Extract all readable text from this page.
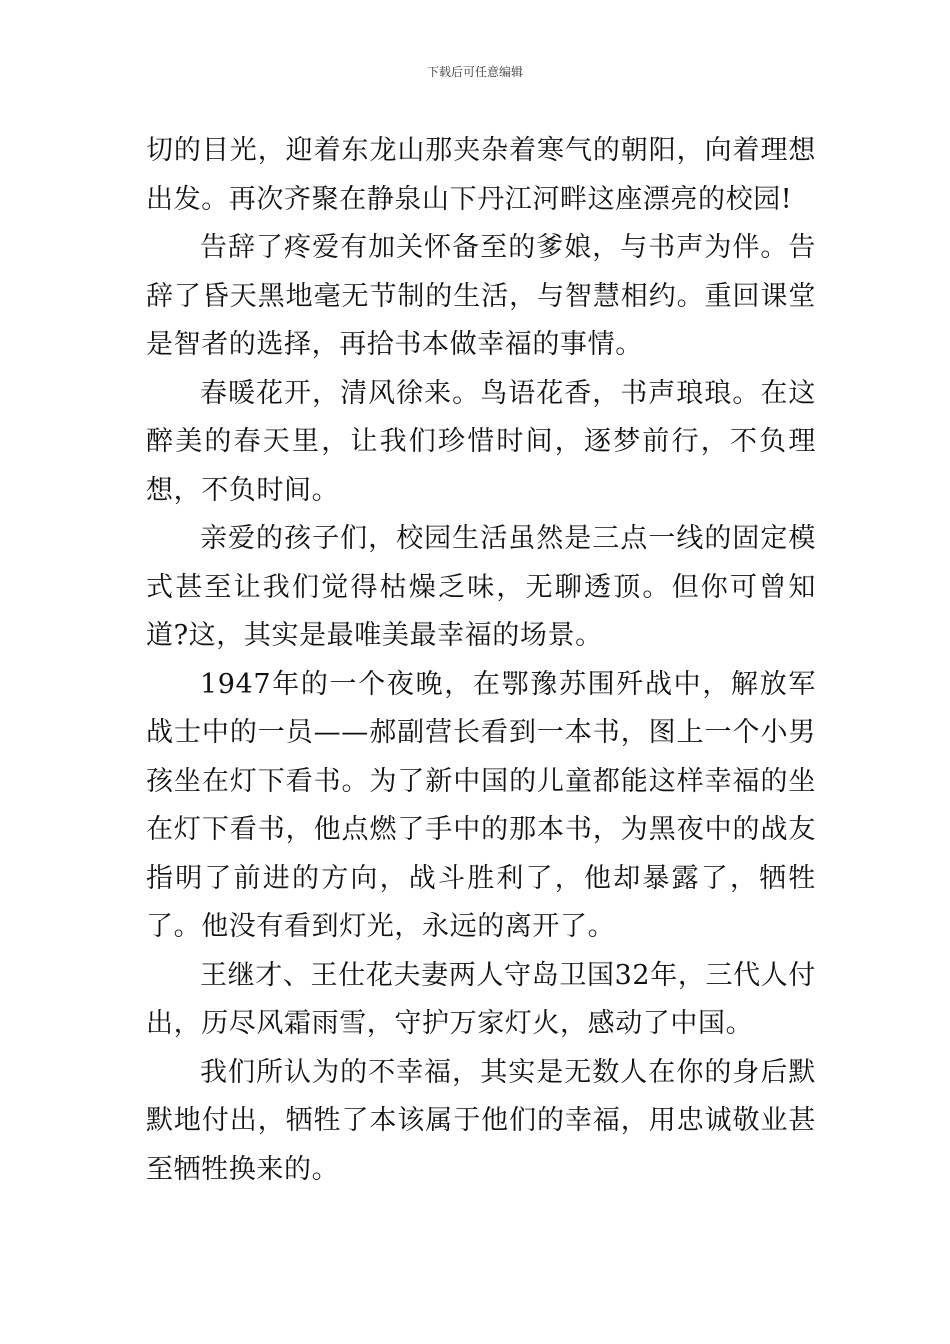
下载后可任意编辑

切的目光，迎着东龙山那夹杂着寒气的朝阳，向着理想出发。再次齐聚在静泉山下丹江河畔这座漂亮的校园!

告辞了疼爱有加关怀备至的爹娘，与书声为伴。告辞了昏天黑地毫无节制的生活，与智慧相约。重回课堂是智者的选择，再拾书本做幸福的事情。

春暖花开，清风徐来。鸟语花香，书声琅琅。在这醉美的春天里，让我们珍惜时间，逐梦前行，不负理想，不负时间。

亲爱的孩子们，校园生活虽然是三点一线的固定模式甚至让我们觉得枯燥乏味，无聊透顶。但你可曾知道?这，其实是最唯美最幸福的场景。

1947年的一个夜晚，在鄂豫苏围歼战中，解放军战士中的一员——郝副营长看到一本书，图上一个小男孩坐在灯下看书。为了新中国的儿童都能这样幸福的坐在灯下看书，他点燃了手中的那本书，为黑夜中的战友指明了前进的方向，战斗胜利了，他却暴露了，牺牲了。他没有看到灯光，永远的离开了。

王继才、王仕花夫妻两人守岛卫国32年，三代人付出，历尽风霜雨雪，守护万家灯火，感动了中国。

我们所认为的不幸福，其实是无数人在你的身后默默地付出，牺牲了本该属于他们的幸福，用忠诚敬业甚至牺牲换来的。
